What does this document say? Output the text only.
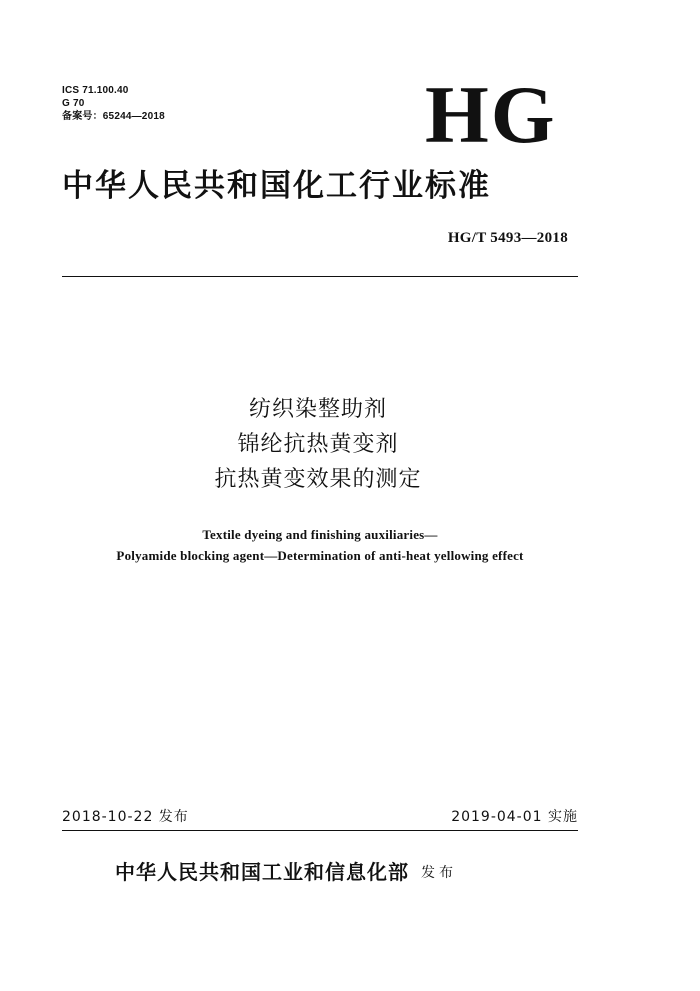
ICS 71.100.40
G 70
备案号：65244—2018	HG
中华人民共和国化工行业标准
HG/T 5493—2018
纺织染整助剂
锦纶抗热黄变剂
抗热黄变效果的测定
Textile dyeing and finishing auxiliaries—
Polyamide blocking agent—Determination of anti-heat yellowing effect
2018-10-22 发布	2019-04-01 实施
中华人民共和国工业和信息化部 发布
